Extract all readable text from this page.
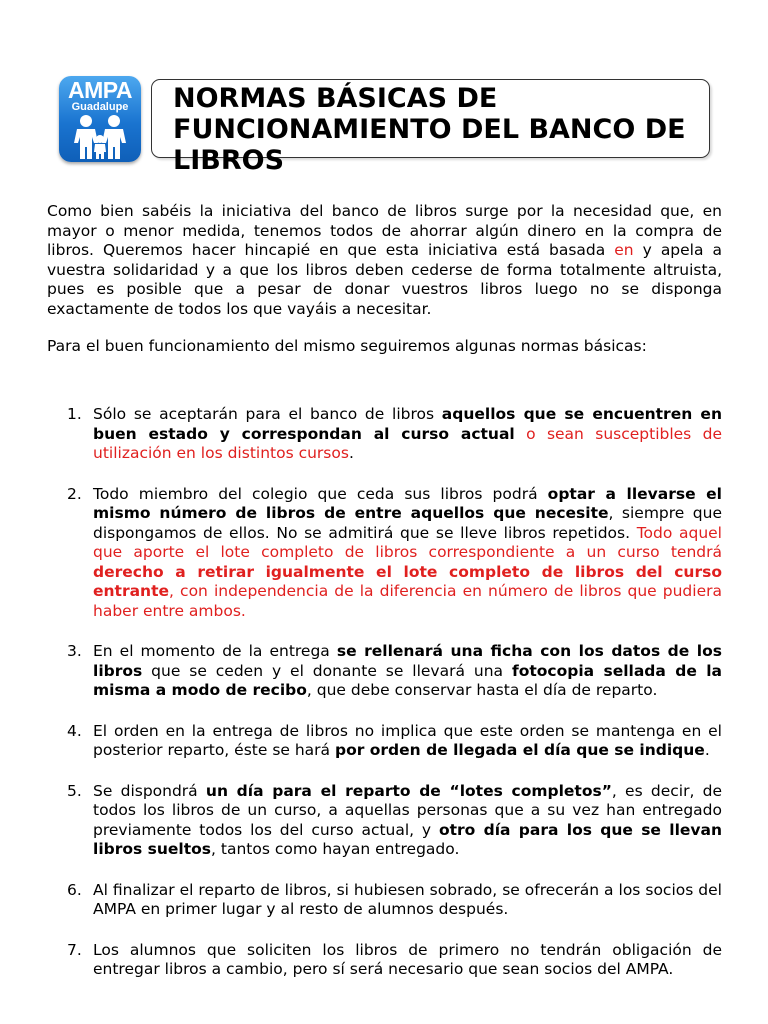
AMPA
Guadalupe	NORMAS BÁSICAS DE FUNCIONAMIENTO DEL BANCO DE LIBROS

Como bien sabéis la iniciativa del banco de libros surge por la necesidad que, en mayor o menor medida, tenemos todos de ahorrar algún dinero en la compra de libros. Queremos hacer hincapié en que esta iniciativa está basada en y apela a vuestra solidaridad y a que los libros deben cederse de forma totalmente altruista, pues es posible que a pesar de donar vuestros libros luego no se disponga exactamente de todos los que vayáis a necesitar.

Para el buen funcionamiento del mismo seguiremos algunas normas básicas:

1. Sólo se aceptarán para el banco de libros aquellos que se encuentren en buen estado y correspondan al curso actual o sean susceptibles de utilización en los distintos cursos.
2. Todo miembro del colegio que ceda sus libros podrá optar a llevarse el mismo número de libros de entre aquellos que necesite, siempre que dispongamos de ellos. No se admitirá que se lleve libros repetidos. Todo aquel que aporte el lote completo de libros correspondiente a un curso tendrá derecho a retirar igualmente el lote completo de libros del curso entrante, con independencia de la diferencia en número de libros que pudiera haber entre ambos.
3. En el momento de la entrega se rellenará una ficha con los datos de los libros que se ceden y el donante se llevará una fotocopia sellada de la misma a modo de recibo, que debe conservar hasta el día de reparto.
4. El orden en la entrega de libros no implica que este orden se mantenga en el posterior reparto, éste se hará por orden de llegada el día que se indique.
5. Se dispondrá un día para el reparto de “lotes completos”, es decir, de todos los libros de un curso, a aquellas personas que a su vez han entregado previamente todos los del curso actual, y otro día para los que se llevan libros sueltos, tantos como hayan entregado.
6. Al finalizar el reparto de libros, si hubiesen sobrado, se ofrecerán a los socios del AMPA en primer lugar y al resto de alumnos después.
7. Los alumnos que soliciten los libros de primero no tendrán obligación de entregar libros a cambio, pero sí será necesario que sean socios del AMPA.
